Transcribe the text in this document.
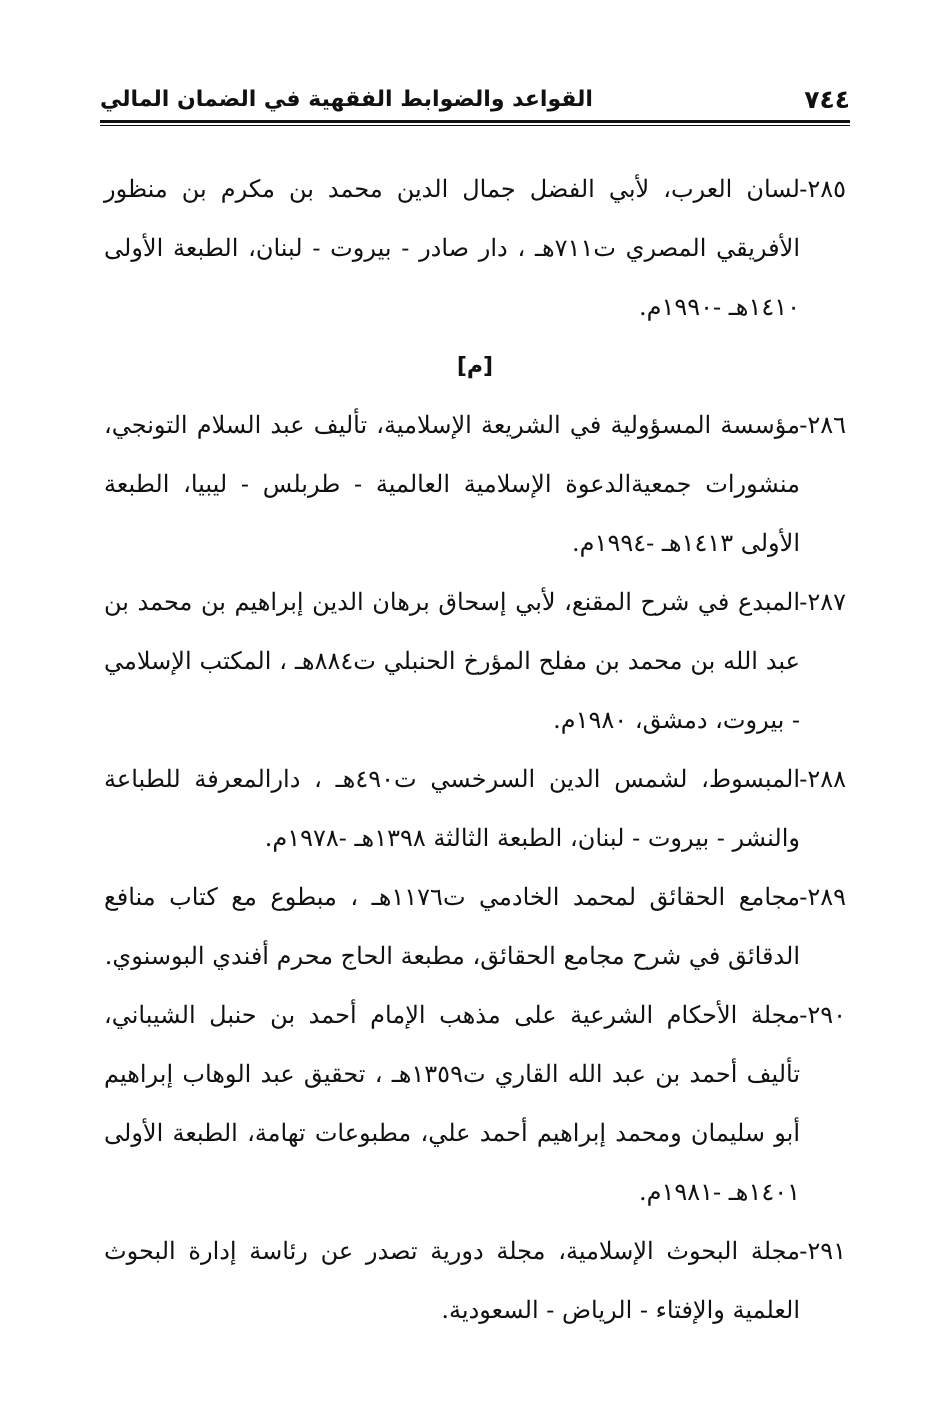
٧٤٤
القواعد والضوابط الفقهية في الضمان المالي
٢٨٥-
لسان العرب، لأبي الفضل جمال الدين محمد بن مكرم بن منظور الأفريقي المصري ت٧١١هـ ، دار صادر - بيروت - لبنان، الطبعة الأولى ١٤١٠هـ -١٩٩٠م.

[م]

٢٨٦-
مؤسسة المسؤولية في الشريعة الإسلامية، تأليف عبد السلام التونجي، منشورات جمعيةالدعوة الإسلامية العالمية - طربلس - ليبيا، الطبعة الأولى ١٤١٣هـ -١٩٩٤م.
٢٨٧-
المبدع في شرح المقنع، لأبي إسحاق برهان الدين إبراهيم بن محمد بن عبد الله بن محمد بن مفلح المؤرخ الحنبلي ت٨٨٤هـ ، المكتب الإسلامي - بيروت، دمشق، ١٩٨٠م.
٢٨٨-
المبسوط، لشمس الدين السرخسي ت٤٩٠هـ ، دارالمعرفة للطباعة والنشر - بيروت - لبنان، الطبعة الثالثة ١٣٩٨هـ -١٩٧٨م.
٢٨٩-
مجامع الحقائق لمحمد الخادمي ت١١٧٦هـ ، مبطوع مع كتاب منافع الدقائق في شرح مجامع الحقائق، مطبعة الحاج محرم أفندي البوسنوي.
٢٩٠-
مجلة الأحكام الشرعية على مذهب الإمام أحمد بن حنبل الشيباني، تأليف أحمد بن عبد الله القاري ت١٣٥٩هـ ، تحقيق عبد الوهاب إبراهيم أبو سليمان ومحمد إبراهيم أحمد علي، مطبوعات تهامة، الطبعة الأولى ١٤٠١هـ -١٩٨١م.
٢٩١-
مجلة البحوث الإسلامية، مجلة دورية تصدر عن رئاسة إدارة البحوث العلمية والإفتاء - الرياض - السعودية.
